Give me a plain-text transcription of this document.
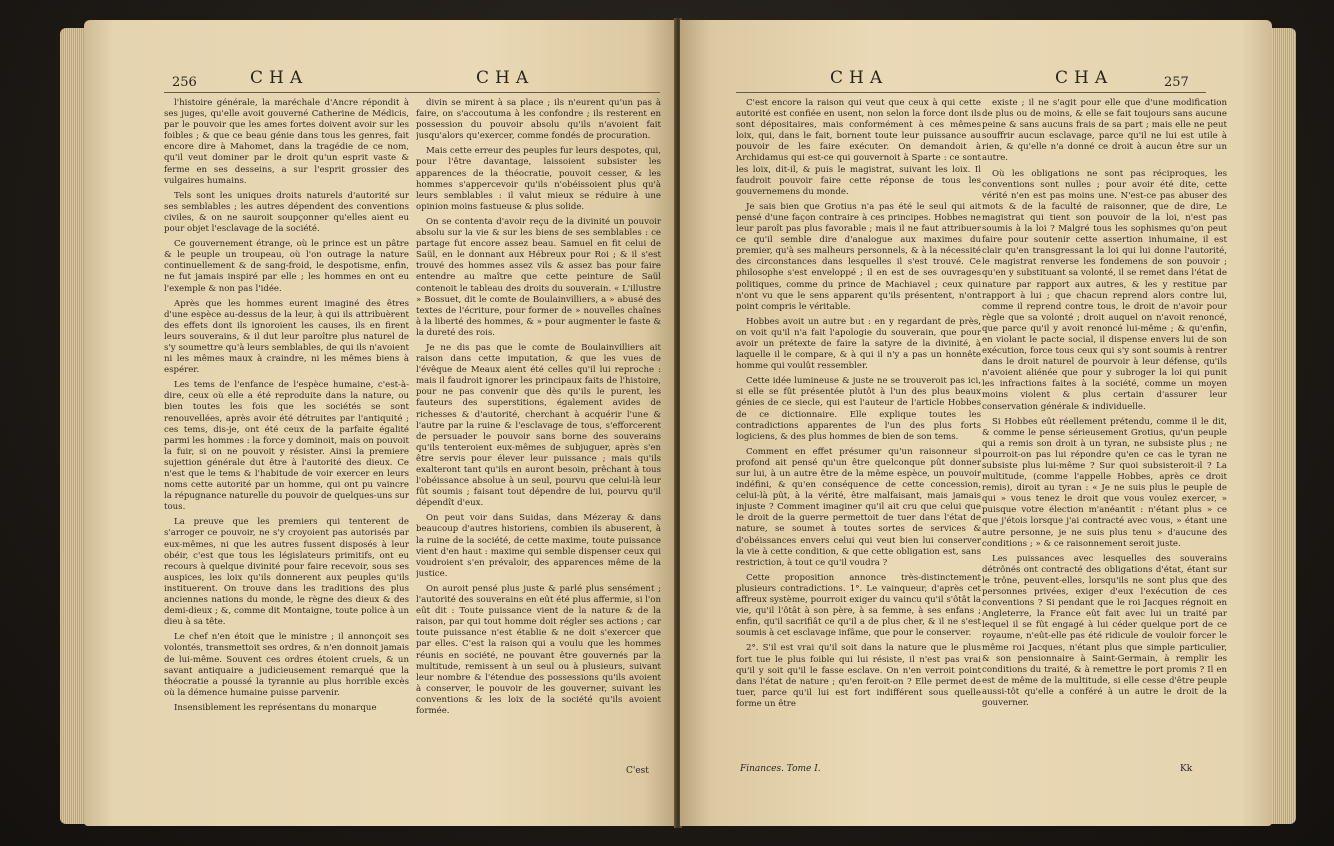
256	CHA	CHA

l'histoire générale, la maréchale d'Ancre répondit à ses juges, qu'elle avoit gouverné Catherine de Médicis, par le pouvoir que les ames fortes doivent avoir sur les foibles ; & que ce beau génie dans tous les genres, fait encore dire à Mahomet, dans la tragédie de ce nom, qu'il veut dominer par le droit qu'un esprit vaste & ferme en ses desseins, a sur l'esprit grossier des vulgaires humains.

Tels sont les uniques droits naturels d'autorité sur ses semblables ; les autres dépendent des conventions civiles, & on ne sauroit soupçonner qu'elles aient eu pour objet l'esclavage de la société.

Ce gouvernement étrange, où le prince est un pâtre & le peuple un troupeau, où l'on outrage la nature continuellement & de sang-froid, le despotisme, enfin, ne fut jamais inspiré par elle ; les hommes en ont eu l'exemple & non pas l'idée.

Après que les hommes eurent imaginé des êtres d'une espèce au-dessus de la leur, à qui ils attribuèrent des effets dont ils ignoroient les causes, ils en firent leurs souverains, & il dut leur paroître plus naturel de s'y soumettre qu'à leurs semblables, de qui ils n'avoient ni les mêmes maux à craindre, ni les mêmes biens à espérer.

Les tems de l'enfance de l'espèce humaine, c'est-à-dire, ceux où elle a été reproduite dans la nature, ou bien toutes les fois que les sociétés se sont renouvellées, après avoir été détruites par l'antiquité ; ces tems, dis-je, ont été ceux de la parfaite égalité parmi les hommes : la force y dominoit, mais on pouvoit la fuir, si on ne pouvoit y résister. Ainsi la premiere sujettion générale dut être à l'autorité des dieux. Ce n'est que le tems & l'habitude de voir exercer en leurs noms cette autorité par un homme, qui ont pu vaincre la répugnance naturelle du pouvoir de quelques-uns sur tous.

La preuve que les premiers qui tenterent de s'arroger ce pouvoir, ne s'y croyoient pas autorisés par eux-mêmes, ni que les autres fussent disposés à leur obéir, c'est que tous les législateurs primitifs, ont eu recours à quelque divinité pour faire recevoir, sous ses auspices, les loix qu'ils donnerent aux peuples qu'ils instituerent. On trouve dans les traditions des plus anciennes nations du monde, le règne des dieux & des demi-dieux ; &, comme dit Montaigne, toute police à un dieu à sa tête.

Le chef n'en étoit que le ministre ; il annonçoit ses volontés, transmettoit ses ordres, & n'en donnoit jamais de lui-même. Souvent ces ordres étoient cruels, & un savant antiquaire a judicieusement remarqué que la théocratie a poussé la tyrannie au plus horrible excès où la démence humaine puisse parvenir.

Insensiblement les représentans du monarque

divin se mirent à sa place ; ils n'eurent qu'un pas à faire, on s'accoutuma à les confondre ; ils resterent en possession du pouvoir absolu qu'ils n'avoient fait jusqu'alors qu'exercer, comme fondés de procuration.

Mais cette erreur des peuples fur leurs despotes, qui, pour l'être davantage, laissoient subsister les apparences de la théocratie, pouvoit cesser, & les hommes s'appercevoir qu'ils n'obéissoient plus qu'à leurs semblables : il valut mieux se réduire à une opinion moins fastueuse & plus solide.

On se contenta d'avoir reçu de la divinité un pouvoir absolu sur la vie & sur les biens de ses semblables : ce partage fut encore assez beau. Samuel en fit celui de Saül, en le donnant aux Hébreux pour Roi ; & il s'est trouvé des hommes assez vils & assez bas pour faire entendre au maître que cette peinture de Saül contenoit le tableau des droits du souverain. « L'illustre » Bossuet, dit le comte de Boulainvilliers, a » abusé des textes de l'écriture, pour former de » nouvelles chaînes à la liberté des hommes, & » pour augmenter le faste & la dureté des rois.

Je ne dis pas que le comte de Boulainvilliers ait raison dans cette imputation, & que les vues de l'évêque de Meaux aient été celles qu'il lui reproche : mais il faudroit ignorer les principaux faits de l'histoire, pour ne pas convenir que dès qu'ils le purent, les fauteurs des superstitions, également avides de richesses & d'autorité, cherchant à acquérir l'une & l'autre par la ruine & l'esclavage de tous, s'efforcerent de persuader le pouvoir sans borne des souverains qu'ils tenteroient eux-mêmes de subjuguer, après s'en être servis pour élever leur puissance ; mais qu'ils exalteront tant qu'ils en auront besoin, prêchant à tous l'obéissance absolue à un seul, pourvu que celui-là leur fût soumis ; faisant tout dépendre de lui, pourvu qu'il dépendît d'eux.

On peut voir dans Suidas, dans Mézeray & dans beaucoup d'autres historiens, combien ils abuserent, à la ruine de la société, de cette maxime, toute puissance vient d'en haut : maxime qui semble dispenser ceux qui voudroient s'en prévaloir, des apparences même de la justice.

On auroit pensé plus juste & parlé plus sensément ; l'autorité des souverains en eût été plus affermie, si l'on eût dit : Toute puissance vient de la nature & de la raison, par qui tout homme doit régler ses actions ; car toute puissance n'est établie & ne doit s'exercer que par elles. C'est la raison qui a voulu que les hommes réunis en société, ne pouvant être gouvernés par la multitude, remissent à un seul ou à plusieurs, suivant leur nombre & l'étendue des possessions qu'ils avoient à conserver, le pouvoir de les gouverner, suivant les conventions & les loix de la société qu'ils avoient formée.

C'est
CHA	CHA	257

C'est encore la raison qui veut que ceux à qui cette autorité est confiée en usent, non selon la force dont ils sont dépositaires, mais conformément à ces mêmes loix, qui, dans le fait, bornent toute leur puissance au pouvoir de les faire exécuter. On demandoit à Archidamus qui est-ce qui gouvernoit à Sparte : ce sont les loix, dit-il, & puis le magistrat, suivant les loix. Il faudroit pouvoir faire cette réponse de tous les gouvernemens du monde.

Je sais bien que Grotius n'a pas été le seul qui ait pensé d'une façon contraire à ces principes. Hobbes ne leur paroît pas plus favorable ; mais il ne faut attribuer ce qu'il semble dire d'analogue aux maximes du premier, qu'à ses malheurs personnels, & à la nécessité des circonstances dans lesquelles il s'est trouvé. Ce philosophe s'est enveloppé ; il en est de ses ouvrages politiques, comme du prince de Machiavel ; ceux qui n'ont vu que le sens apparent qu'ils présentent, n'ont point compris le véritable.

Hobbes avoit un autre but : en y regardant de près, on voit qu'il n'a fait l'apologie du souverain, que pour avoir un prétexte de faire la satyre de la divinité, à laquelle il le compare, & à qui il n'y a pas un honnête homme qui voulût ressembler.

Cette idée lumineuse & juste ne se trouveroit pas ici, si elle se fût présentée plutôt à l'un des plus beaux génies de ce siecle, qui est l'auteur de l'article Hobbes de ce dictionnaire. Elle explique toutes les contradictions apparentes de l'un des plus forts logiciens, & des plus hommes de bien de son tems.

Comment en effet présumer qu'un raisonneur si profond ait pensé qu'un être quelconque pût donner sur lui, à un autre être de la même espèce, un pouvoir indéfini, & qu'en conséquence de cette concession, celui-là pût, à la vérité, être malfaisant, mais jamais injuste ? Comment imaginer qu'il ait cru que celui que le droit de la guerre permettoit de tuer dans l'état de nature, se soumet à toutes sortes de services & d'obéissances envers celui qui veut bien lui conserver la vie à cette condition, & que cette obligation est, sans restriction, à tout ce qu'il voudra ?

Cette proposition annonce très-distinctement plusieurs contradictions. 1°. Le vainqueur, d'après cet affreux système, pourroit exiger du vaincu qu'il s'ôtât la vie, qu'il l'ôtât à son père, à sa femme, à ses enfans ; enfin, qu'il sacrifiât ce qu'il a de plus cher, & il ne s'est soumis à cet esclavage infâme, que pour le conserver.

2°. S'il est vrai qu'il soit dans la nature que le plus fort tue le plus foible qui lui résiste, il n'est pas vrai qu'il y soit qu'il le fasse esclave. On n'en verroit point dans l'état de nature ; qu'en feroit-on ? Elle permet de tuer, parce qu'il lui est fort indifférent sous quelle forme un être

existe ; il ne s'agit pour elle que d'une modification de plus ou de moins, & elle se fait toujours sans aucune peine & sans aucuns frais de sa part ; mais elle ne peut souffrir aucun esclavage, parce qu'il ne lui est utile à rien, & qu'elle n'a donné ce droit à aucun être sur un autre.

Où les obligations ne sont pas réciproques, les conventions sont nulles ; pour avoir été dite, cette vérité n'en est pas moins une. N'est-ce pas abuser des mots & de la faculté de raisonner, que de dire, Le magistrat qui tient son pouvoir de la loi, n'est pas soumis à la loi ? Malgré tous les sophismes qu'on peut faire pour soutenir cette assertion inhumaine, il est clair qu'en transgressant la loi qui lui donne l'autorité, le magistrat renverse les fondemens de son pouvoir ; qu'en y substituant sa volonté, il se remet dans l'état de nature par rapport aux autres, & les y restitue par rapport à lui ; que chacun reprend alors contre lui, comme il reprend contre tous, le droit de n'avoir pour règle que sa volonté ; droit auquel on n'avoit renoncé, que parce qu'il y avoit renoncé lui-même ; & qu'enfin, en violant le pacte social, il dispense envers lui de son exécution, force tous ceux qui s'y sont soumis à rentrer dans le droit naturel de pourvoir à leur défense, qu'ils n'avoient aliénée que pour y subroger la loi qui punit les infractions faites à la société, comme un moyen moins violent & plus certain d'assurer leur conservation générale & individuelle.

Si Hobbes eût réellement prétendu, comme il le dit, & comme le pense sérieusement Grotius, qu'un peuple qui a remis son droit à un tyran, ne subsiste plus ; ne pourroit-on pas lui répondre qu'en ce cas le tyran ne subsiste plus lui-même ? Sur quoi subsisteroit-il ? La multitude, (comme l'appelle Hobbes, après ce droit remis), diroit au tyran : « Je ne suis plus le peuple de qui » vous tenez le droit que vous voulez exercer, » puisque votre élection m'anéantit : n'étant plus » ce que j'étois lorsque j'ai contracté avec vous, » étant une autre personne, je ne suis plus tenu » d'aucune des conditions ; » & ce raisonnement seroit juste.

Les puissances avec lesquelles des souverains détrônés ont contracté des obligations d'état, étant sur le trône, peuvent-elles, lorsqu'ils ne sont plus que des personnes privées, exiger d'eux l'exécution de ces conventions ? Si pendant que le roi Jacques régnoit en Angleterre, la France eût fait avec lui un traité par lequel il se fût engagé à lui céder quelque port de ce royaume, n'eût-elle pas été ridicule de vouloir forcer le même roi Jacques, n'étant plus que simple particulier, & son pensionnaire à Saint-Germain, à remplir les conditions du traité, & à remettre le port promis ? Il en est de même de la multitude, si elle cesse d'être peuple aussi-tôt qu'elle a conféré à un autre le droit de la gouverner.

Finances. Tome I.	Kk
